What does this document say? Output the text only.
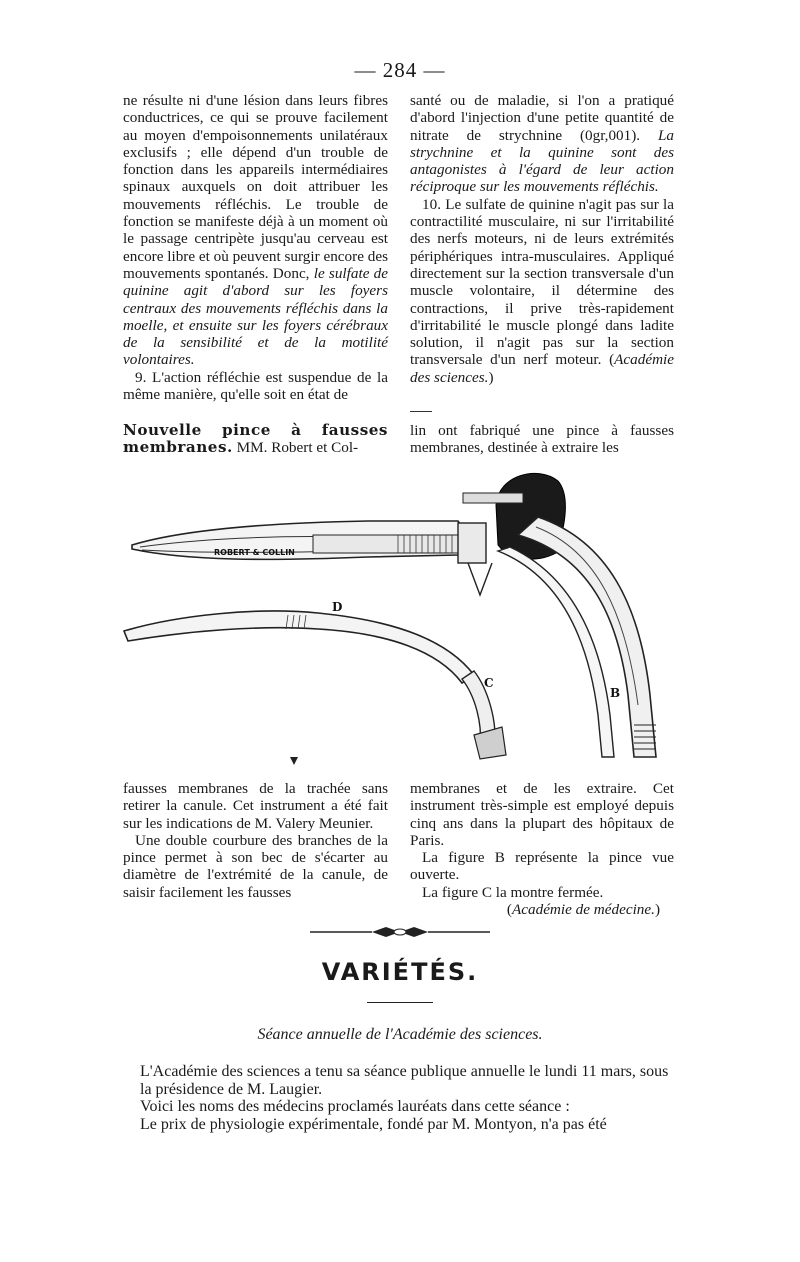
— 284 —

ne résulte ni d'une lésion dans leurs fibres conductrices, ce qui se prouve facilement au moyen d'empoisonnements unilatéraux exclusifs ; elle dépend d'un trouble de fonction dans les appareils intermédiaires spinaux auxquels on doit attribuer les mouvements réfléchis. Le trouble de fonction se manifeste déjà à un moment où le passage centripète jusqu'au cerveau est encore libre et où peuvent surgir encore des mouvements spontanés. Donc, le sulfate de quinine agit d'abord sur les foyers centraux des mouvements réfléchis dans la moelle, et ensuite sur les foyers cérébraux de la sensibilité et de la motilité volontaires.

9. L'action réfléchie est suspendue de la même manière, qu'elle soit en état de

santé ou de maladie, si l'on a pratiqué d'abord l'injection d'une petite quantité de nitrate de strychnine (0gr,001). La strychnine et la quinine sont des antagonistes à l'égard de leur action réciproque sur les mouvements réfléchis.

10. Le sulfate de quinine n'agit pas sur la contractilité musculaire, ni sur l'irritabilité des nerfs moteurs, ni de leurs extrémités périphériques intra-musculaires. Appliqué directement sur la section transversale d'un muscle volontaire, il détermine des contractions, il prive très-rapidement d'irritabilité le muscle plongé dans ladite solution, il n'agit pas sur la section transversale d'un nerf moteur. (Académie des sciences.)

Nouvelle pince à fausses membranes. MM. Robert et Col-

lin ont fabriqué une pince à fausses membranes, destinée à extraire les

ROBERT & COLLIN
B
C
D

fausses membranes de la trachée sans retirer la canule. Cet instrument a été fait sur les indications de M. Valery Meunier.

Une double courbure des branches de la pince permet à son bec de s'écarter au diamètre de l'extrémité de la canule, de saisir facilement les fausses

membranes et de les extraire. Cet instrument très-simple est employé depuis cinq ans dans la plupart des hôpitaux de Paris.

La figure B représente la pince vue ouverte.

La figure C la montre fermée.

(Académie de médecine.)

VARIÉTÉS.
Séance annuelle de l'Académie des sciences.

L'Académie des sciences a tenu sa séance publique annuelle le lundi 11 mars, sous la présidence de M. Laugier.

Voici les noms des médecins proclamés lauréats dans cette séance :

Le prix de physiologie expérimentale, fondé par M. Montyon, n'a pas été
